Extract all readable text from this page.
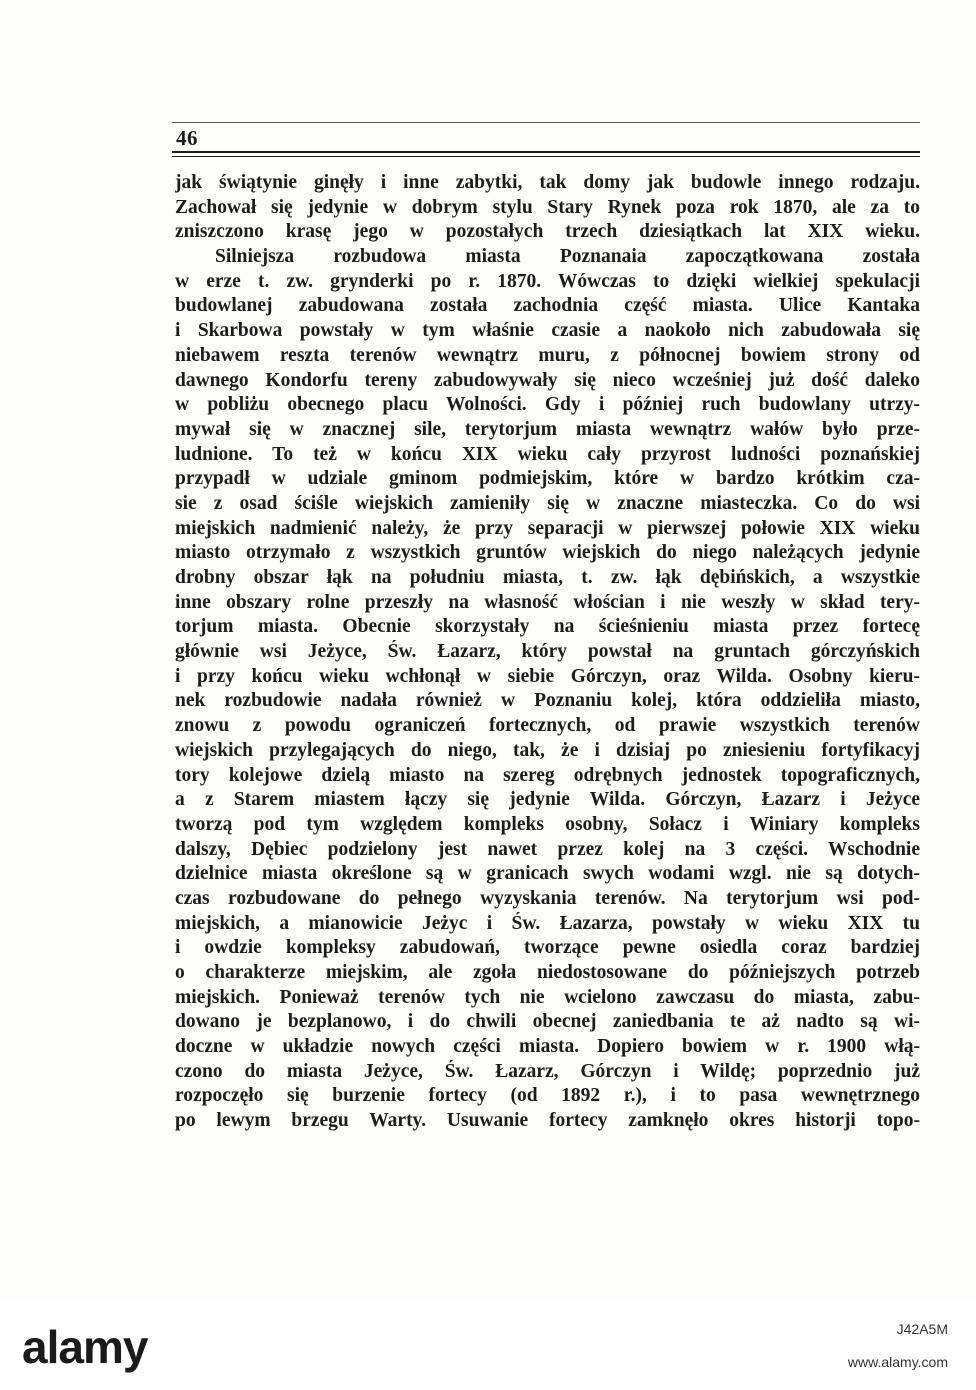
46
jak świątynie ginęły i inne zabytki, tak domy jak budowle innego rodzaju.
Zachował się jedynie w dobrym stylu Stary Rynek poza rok 1870, ale za to
zniszczono krasę jego w pozostałych trzech dziesiątkach lat XIX wieku.
Silniejsza rozbudowa miasta Poznanaia zapoczątkowana została
w erze t. zw. grynderki po r. 1870. Wówczas to dzięki wielkiej spekulacji
budowlanej zabudowana została zachodnia część miasta. Ulice Kantaka
i Skarbowa powstały w tym właśnie czasie a naokoło nich zabudowała się
niebawem reszta terenów wewnątrz muru, z północnej bowiem strony od
dawnego Kondorfu tereny zabudowywały się nieco wcześniej już dość daleko
w pobliżu obecnego placu Wolności. Gdy i później ruch budowlany utrzy-
mywał się w znacznej sile, terytorjum miasta wewnątrz wałów było prze-
ludnione. To też w końcu XIX wieku cały przyrost ludności poznańskiej
przypadł w udziale gminom podmiejskim, które w bardzo krótkim cza-
sie z osad ściśle wiejskich zamieniły się w znaczne miasteczka. Co do wsi
miejskich nadmienić należy, że przy separacji w pierwszej połowie XIX wieku
miasto otrzymało z wszystkich gruntów wiejskich do niego należących jedynie
drobny obszar łąk na południu miasta, t. zw. łąk dębińskich, a wszystkie
inne obszary rolne przeszły na własność włościan i nie weszły w skład tery-
torjum miasta. Obecnie skorzystały na ścieśnieniu miasta przez fortecę
głównie wsi Jeżyce, Św. Łazarz, który powstał na gruntach górczyńskich
i przy końcu wieku wchłonął w siebie Górczyn, oraz Wilda. Osobny kieru-
nek rozbudowie nadała również w Poznaniu kolej, która oddzieliła miasto,
znowu z powodu ograniczeń fortecznych, od prawie wszystkich terenów
wiejskich przylegających do niego, tak, że i dzisiaj po zniesieniu fortyfikacyj
tory kolejowe dzielą miasto na szereg odrębnych jednostek topograficznych,
a z Starem miastem łączy się jedynie Wilda. Górczyn, Łazarz i Jeżyce
tworzą pod tym względem kompleks osobny, Sołacz i Winiary kompleks
dalszy, Dębiec podzielony jest nawet przez kolej na 3 części. Wschodnie
dzielnice miasta określone są w granicach swych wodami wzgl. nie są dotych-
czas rozbudowane do pełnego wyzyskania terenów. Na terytorjum wsi pod-
miejskich, a mianowicie Jeżyc i Św. Łazarza, powstały w wieku XIX tu
i owdzie kompleksy zabudowań, tworzące pewne osiedla coraz bardziej
o charakterze miejskim, ale zgoła niedostosowane do późniejszych potrzeb
miejskich. Ponieważ terenów tych nie wcielono zawczasu do miasta, zabu-
dowano je bezplanowo, i do chwili obecnej zaniedbania te aż nadto są wi-
doczne w układzie nowych części miasta. Dopiero bowiem w r. 1900 włą-
czono do miasta Jeżyce, Św. Łazarz, Górczyn i Wildę; poprzednio już
rozpoczęło się burzenie fortecy (od 1892 r.), i to pasa wewnętrznego
po lewym brzegu Warty. Usuwanie fortecy zamknęło okres historji topo-
alamy	J42A5M
www.alamy.com
